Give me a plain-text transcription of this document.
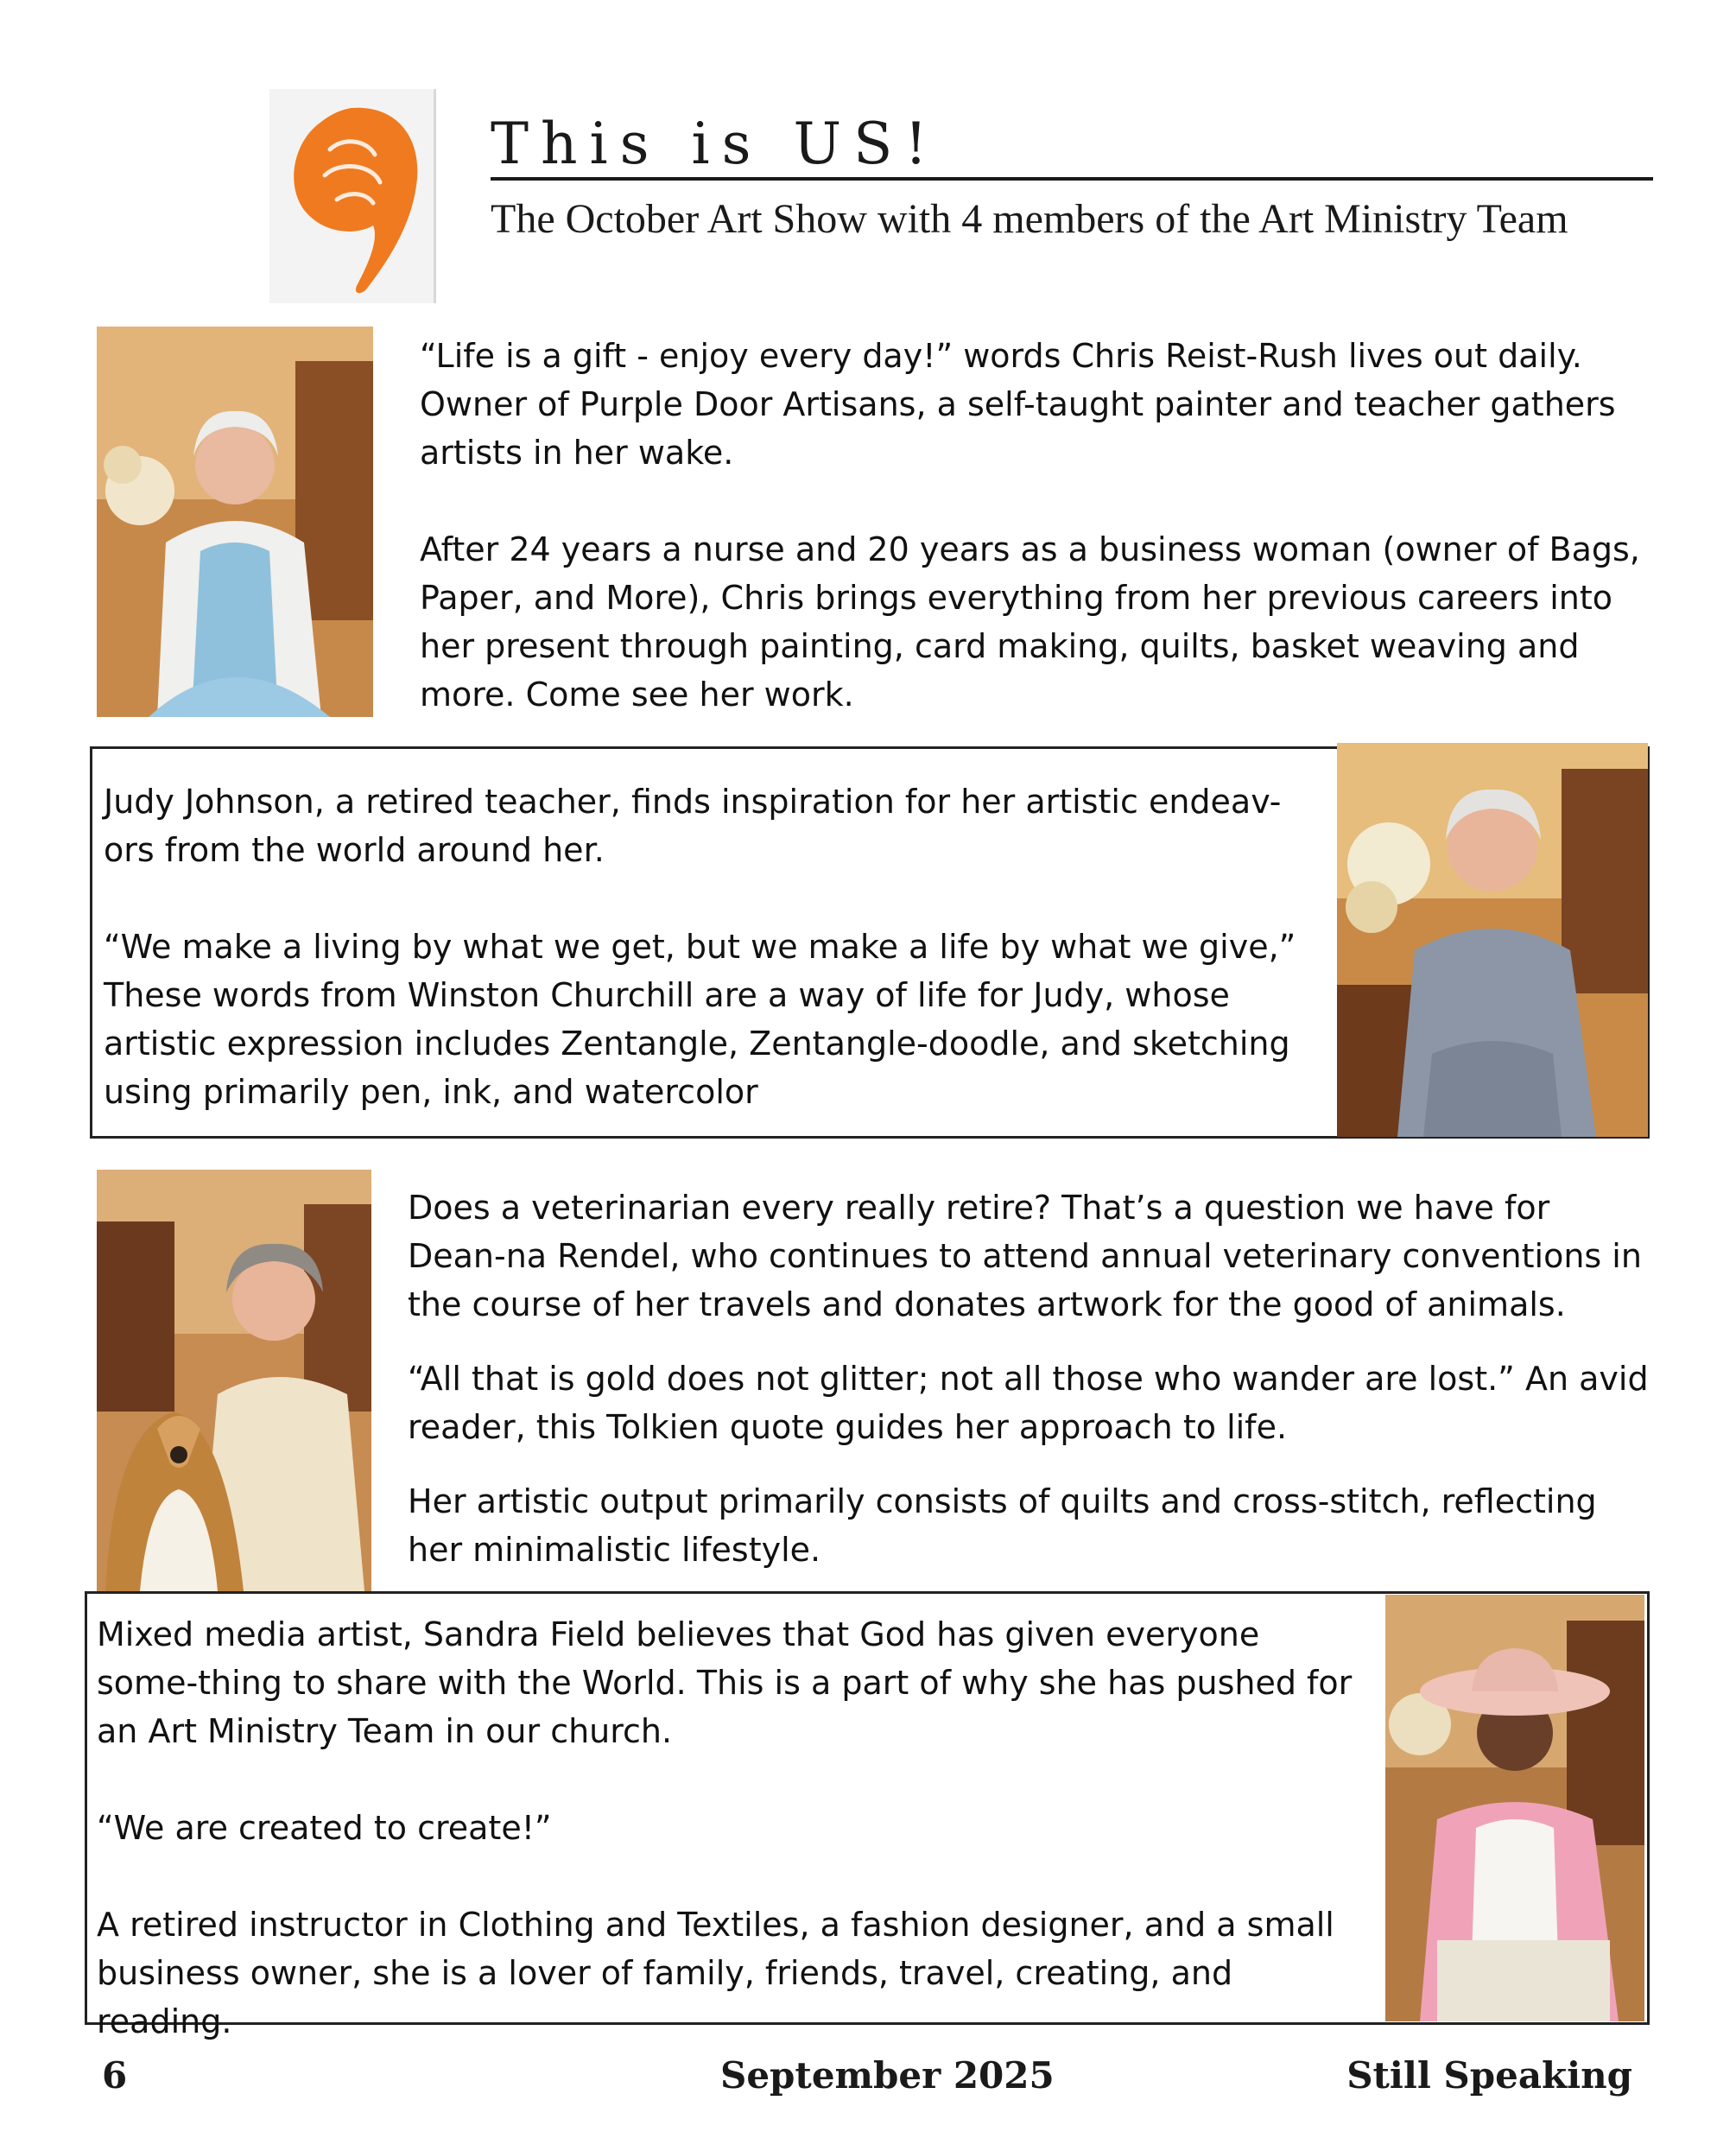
This is US!
The October Art Show with 4 members of the Art Ministry Team

“Life is a gift - enjoy every day!” words Chris Reist-Rush lives out daily. Owner of Purple Door Artisans, a self-taught painter and teacher gathers artists in her wake.

After 24 years a nurse and 20 years as a business woman (owner of Bags, Paper, and More), Chris brings everything from her previous careers into her present through painting, card making, quilts, basket weaving and more. Come see her work.

Judy Johnson, a retired teacher, finds inspiration for her artistic endeav-ors from the world around her.

“We make a living by what we get, but we make a life by what we give,” These words from Winston Churchill are a way of life for Judy, whose artistic expression includes Zentangle, Zentangle-doodle, and sketching using primarily pen, ink, and watercolor

Does a veterinarian every really retire? That’s a question we have for Dean-na Rendel, who continues to attend annual veterinary conventions in the course of her travels and donates artwork for the good of animals.

“All that is gold does not glitter; not all those who wander are lost.” An avid reader, this Tolkien quote guides her approach to life.

Her artistic output primarily consists of quilts and cross-stitch, reflecting her minimalistic lifestyle.

Mixed media artist, Sandra Field believes that God has given everyone some-thing to share with the World. This is a part of why she has pushed for an Art Ministry Team in our church.

“We are created to create!”

A retired instructor in Clothing and Textiles, a fashion designer, and a small business owner, she is a lover of family, friends, travel, creating, and reading.

6	September 2025	Still Speaking
